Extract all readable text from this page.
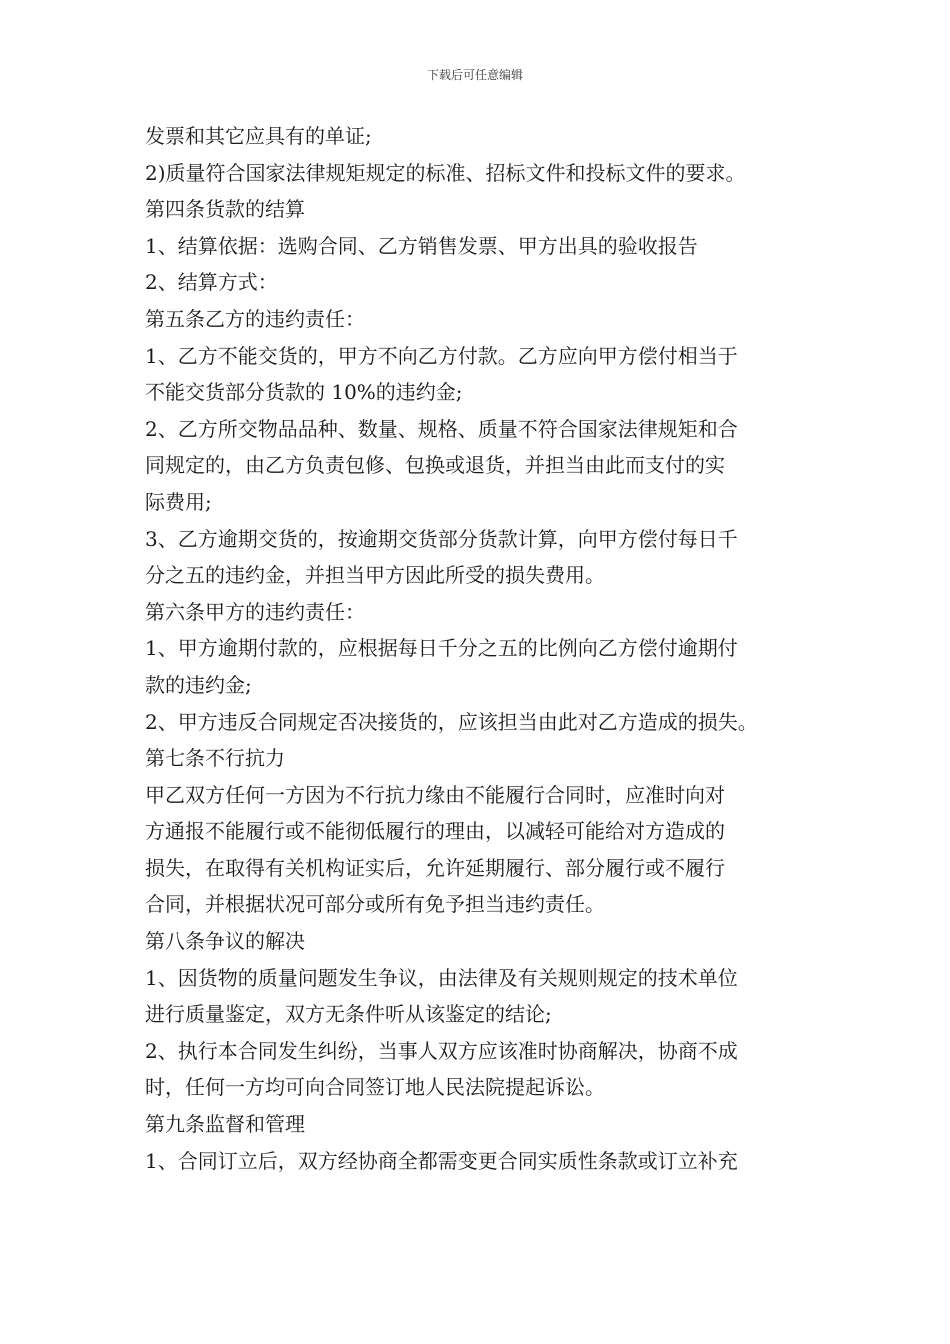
下载后可任意编辑
发票和其它应具有的单证;
2)质量符合国家法律规矩规定的标准、招标文件和投标文件的要求。
第四条货款的结算
1、结算依据：选购合同、乙方销售发票、甲方出具的验收报告
2、结算方式：
第五条乙方的违约责任：
1、乙方不能交货的，甲方不向乙方付款。乙方应向甲方偿付相当于
不能交货部分货款的 10%的违约金;
2、乙方所交物品品种、数量、规格、质量不符合国家法律规矩和合
同规定的，由乙方负责包修、包换或退货，并担当由此而支付的实
际费用;
3、乙方逾期交货的，按逾期交货部分货款计算，向甲方偿付每日千
分之五的违约金，并担当甲方因此所受的损失费用。
第六条甲方的违约责任：
1、甲方逾期付款的，应根据每日千分之五的比例向乙方偿付逾期付
款的违约金;
2、甲方违反合同规定否决接货的，应该担当由此对乙方造成的损失。
第七条不行抗力
甲乙双方任何一方因为不行抗力缘由不能履行合同时，应准时向对
方通报不能履行或不能彻低履行的理由，以减轻可能给对方造成的
损失，在取得有关机构证实后，允许延期履行、部分履行或不履行
合同，并根据状况可部分或所有免予担当违约责任。
第八条争议的解决
1、因货物的质量问题发生争议，由法律及有关规则规定的技术单位
进行质量鉴定，双方无条件听从该鉴定的结论;
2、执行本合同发生纠纷，当事人双方应该准时协商解决，协商不成
时，任何一方均可向合同签订地人民法院提起诉讼。
第九条监督和管理
1、合同订立后，双方经协商全都需变更合同实质性条款或订立补充
